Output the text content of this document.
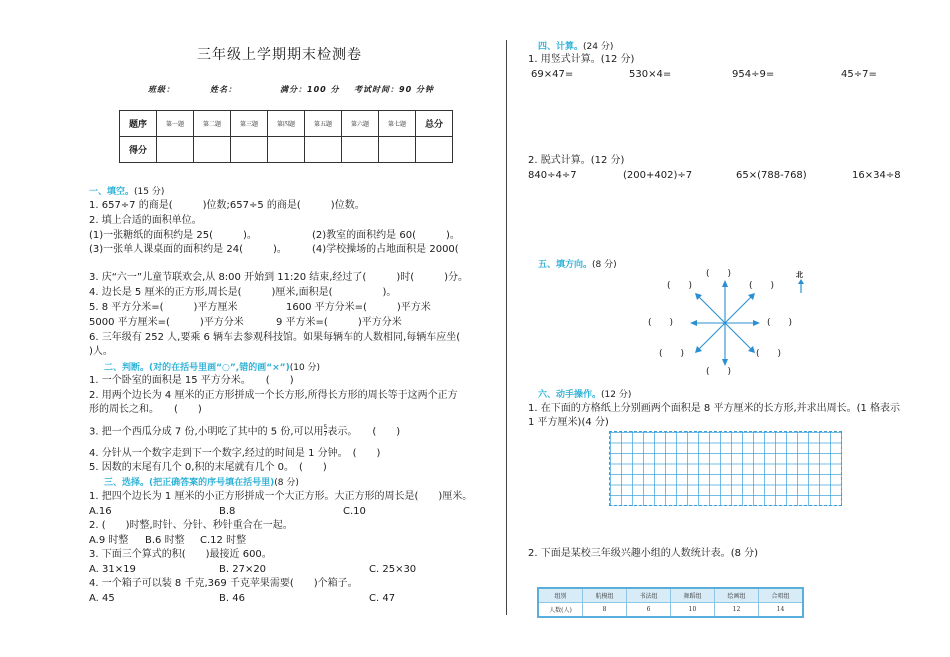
三年级上学期期末检测卷
班级：	姓名：	满分：100 分 考试时间：90 分钟
题序	第一题	第二题	第三题	第四题	第五题	第六题	第七题	总分
得分								
一、填空。(15 分)
1. 657÷7 的商是(　　　)位数;657÷5 的商是(　　　)位数。
2. 填上合适的面积单位。
(1)一张糖纸的面积约是 25(　　　)。	(2)教室的面积约是 60(　　　)。
(3)一张单人课桌面的面积约是 24(　　　)。	(4)学校操场的占地面积是 2000(
3. 庆“六一”儿童节联欢会,从 8:00 开始到 11:20 结束,经过了(　　　)时(　　　)分。
4. 边长是 5 厘米的正方形,周长是(　　　)厘米,面积是(　　　　　)。
5. 8 平方分米=(　　　)平方厘米	1600 平方分米=(　　　)平方米
5000 平方厘米=(　　　)平方分米	9 平方米=(　　　)平方分米
6. 三年级有 252 人,要乘 6 辆车去参观科技馆。如果每辆车的人数相同,每辆车应坐(
)人。
二、判断。(对的在括号里画“○”,错的画“×”)(10 分)
1. 一个卧室的面积是 15 平方分米。　　(　　)
2. 用两个边长为 4 厘米的正方形拼成一个长方形,所得长方形的周长等于这两个正方
形的周长之和。　　(　　)
3. 把一个西瓜分成 7 份,小明吃了其中的 5 份,可以用 $\frac{5}{7}$ 表示。　　(　　)
4. 分针从一个数字走到下一个数字,经过的时间是 1 分钟。　(　　)
5. 因数的末尾有几个 0,积的末尾就有几个 0。　(　　)
三、选择。(把正确答案的序号填在括号里)(8 分)
1. 把四个边长为 1 厘米的小正方形拼成一个大正方形。大正方形的周长是(　　)厘米。
A.16	B.8	C.10
2. (　　)时整,时针、分针、秒针重合在一起。
A.9 时整 B.6 时整 C.12 时整
3. 下面三个算式的积(　　)最接近 600。
A. 31×19	B. 27×20	C. 25×30
4. 一个箱子可以装 8 千克,369 千克苹果需要(　　)个箱子。
A. 45	B. 46	C. 47
四、计算。(24 分)
1. 用竖式计算。(12 分)
69×47=	530×4=	954÷9=	45÷7=
2. 脱式计算。(12 分)
840÷4÷7	(200+402)÷7	65×(788-768)	16×34÷8
五、填方向。(8 分)
(　　)
(　　)	(　　)
(　　)	(　　)
(　　)	(　　)
(　　)
北
六、动手操作。(12 分)
1. 在下面的方格纸上分别画两个面积是 8 平方厘米的长方形,并求出周长。(1 格表示
1 平方厘米)(4 分)
2. 下面是某校三年级兴趣小组的人数统计表。(8 分)
组别	航模组	书法组	舞蹈组	绘画组	合唱组
人数(人)	8	6	10	12	14
